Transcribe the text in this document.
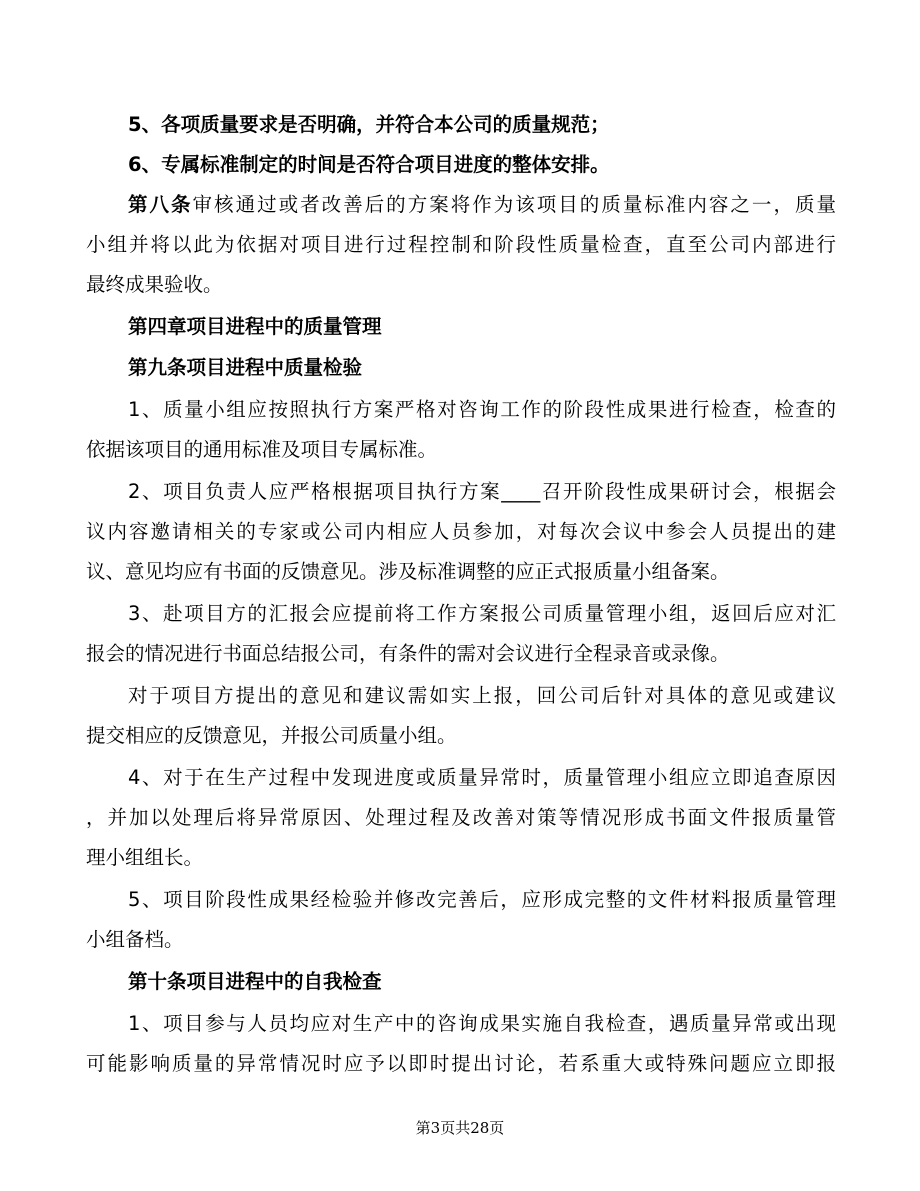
5、各项质量要求是否明确，并符合本公司的质量规范；
6、专属标准制定的时间是否符合项目进度的整体安排。
第八条审核通过或者改善后的方案将作为该项目的质量标准内容之一，质量
小组并将以此为依据对项目进行过程控制和阶段性质量检查，直至公司内部进行
最终成果验收。
第四章项目进程中的质量管理
第九条项目进程中质量检验
1、质量小组应按照执行方案严格对咨询工作的阶段性成果进行检查，检查的
依据该项目的通用标准及项目专属标准。
2、项目负责人应严格根据项目执行方案____召开阶段性成果研讨会，根据会
议内容邀请相关的专家或公司内相应人员参加，对每次会议中参会人员提出的建
议、意见均应有书面的反馈意见。涉及标准调整的应正式报质量小组备案。
3、赴项目方的汇报会应提前将工作方案报公司质量管理小组，返回后应对汇
报会的情况进行书面总结报公司，有条件的需对会议进行全程录音或录像。
对于项目方提出的意见和建议需如实上报，回公司后针对具体的意见或建议
提交相应的反馈意见，并报公司质量小组。
4、对于在生产过程中发现进度或质量异常时，质量管理小组应立即追查原因
，并加以处理后将异常原因、处理过程及改善对策等情况形成书面文件报质量管
理小组组长。
5、项目阶段性成果经检验并修改完善后，应形成完整的文件材料报质量管理
小组备档。
第十条项目进程中的自我检查
1、项目参与人员均应对生产中的咨询成果实施自我检查，遇质量异常或出现
可能影响质量的异常情况时应予以即时提出讨论，若系重大或特殊问题应立即报
第3页共28页
